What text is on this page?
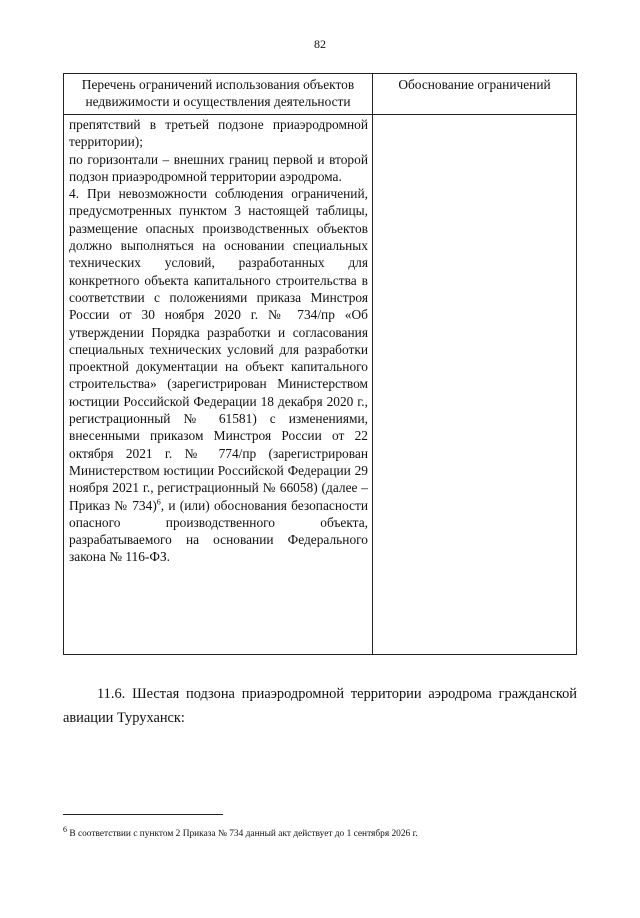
82
Перечень ограничений использования объектов недвижимости и осуществления деятельности	Обоснование ограничений

препятствий в третьей подзоне приаэродромной территории);

по горизонтали – внешних границ первой и второй подзон приаэродромной территории аэродрома.

4. При невозможности соблюдения ограничений, предусмотренных пунктом 3 настоящей таблицы, размещение опасных производственных объектов должно выполняться на основании специальных технических условий, разработанных для конкретного объекта капитального строительства в соответствии с положениями приказа Минстроя России от 30 ноября 2020 г. № 734/пр «Об утверждении Порядка разработки и согласования специальных технических условий для разработки проектной документации на объект капитального строительства» (зарегистрирован Министерством юстиции Российской Федерации 18 декабря 2020 г., регистрационный № 61581) с изменениями, внесенными приказом Минстроя России от 22 октября 2021 г. № 774/пр (зарегистрирован Министерством юстиции Российской Федерации 29 ноября 2021 г., регистрационный № 66058) (далее – Приказ № 734)$^6$, и (или) обоснования безопасности опасного производственного объекта, разрабатываемого на основании Федерального закона № 116-ФЗ.	

11.6. Шестая подзона приаэродромной территории аэродрома гражданской авиации Туруханск:

$^6$ В соответствии с пунктом 2 Приказа № 734 данный акт действует до 1 сентября 2026 г.
